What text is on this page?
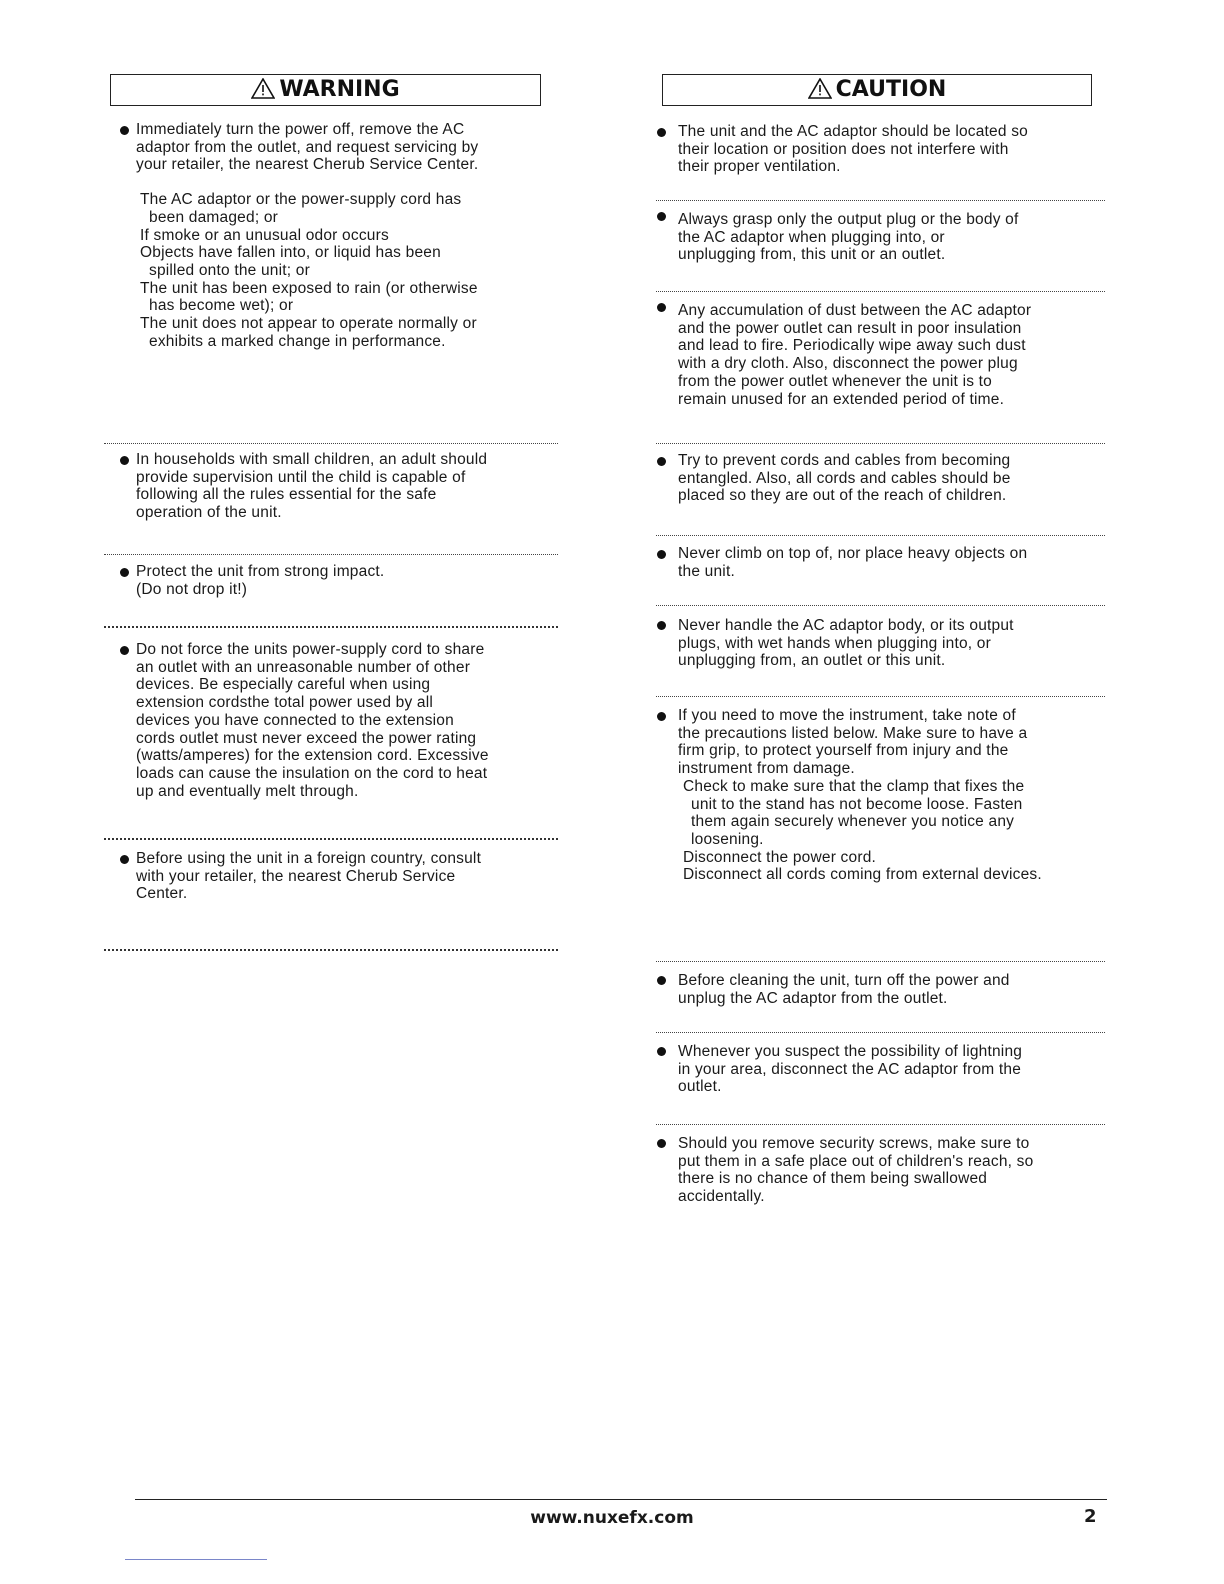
WARNING	CAUTION
Immediately turn the power off, remove the AC
adaptor from the outlet, and request servicing by
your retailer, the nearest Cherub Service Center.
The AC adaptor or the power-supply cord has
been damaged; or
If smoke or an unusual odor occurs
Objects have fallen into, or liquid has been
spilled onto the unit; or
The unit has been exposed to rain (or otherwise
has become wet); or
The unit does not appear to operate normally or
exhibits a marked change in performance.
In households with small children, an adult should
provide supervision until the child is capable of
following all the rules essential for the safe
operation of the unit.
Protect the unit from strong impact.
(Do not drop it!)
Do not force the units power-supply cord to share
an outlet with an unreasonable number of other
devices. Be especially careful when using
extension cordsthe total power used by all
devices you have connected to the extension
cords outlet must never exceed the power rating
(watts/amperes) for the extension cord. Excessive
loads can cause the insulation on the cord to heat
up and eventually melt through.
Before using the unit in a foreign country, consult
with your retailer, the nearest Cherub Service
Center.
The unit and the AC adaptor should be located so
their location or position does not interfere with
their proper ventilation.
Always grasp only the output plug or the body of
the AC adaptor when plugging into, or
unplugging from, this unit or an outlet.
Any accumulation of dust between the AC adaptor
and the power outlet can result in poor insulation
and lead to fire. Periodically wipe away such dust
with a dry cloth. Also, disconnect the power plug
from the power outlet whenever the unit is to
remain unused for an extended period of time.
Try to prevent cords and cables from becoming
entangled. Also, all cords and cables should be
placed so they are out of the reach of children.
Never climb on top of, nor place heavy objects on
the unit.
Never handle the AC adaptor body, or its output
plugs, with wet hands when plugging into, or
unplugging from, an outlet or this unit.
If you need to move the instrument, take note of
the precautions listed below. Make sure to have a
firm grip, to protect yourself from injury and the
instrument from damage.
Check to make sure that the clamp that fixes the
unit to the stand has not become loose. Fasten
them again securely whenever you notice any
loosening.
Disconnect the power cord.
Disconnect all cords coming from external devices.
Before cleaning the unit, turn off the power and
unplug the AC adaptor from the outlet.
Whenever you suspect the possibility of lightning
in your area, disconnect the AC adaptor from the
outlet.
Should you remove security screws, make sure to
put them in a safe place out of children's reach, so
there is no chance of them being swallowed
accidentally.
www.nuxefx.com	2
